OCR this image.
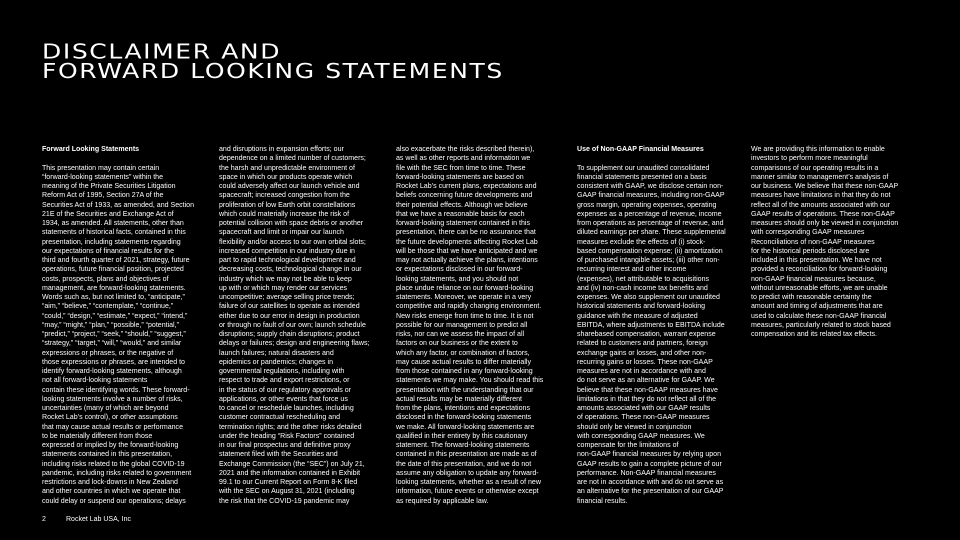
DISCLAIMER AND
FORWARD LOOKING STATEMENTS
Forward Looking Statements
This presentation may contain certain
“forward-looking statements” within the
meaning of the Private Securities Litigation
Reform Act of 1995, Section 27A of the
Securities Act of 1933, as amended, and Section
21E of the Securities and Exchange Act of
1934, as amended. All statements, other than
statements of historical facts, contained in this
presentation, including statements regarding
our expectations of financial results for the
third and fourth quarter of 2021, strategy, future
operations, future financial position, projected
costs, prospects, plans and objectives of
management, are forward-looking statements.
Words such as, but not limited to, “anticipate,”
“aim,” “believe,” “contemplate,” “continue,”
“could,” “design,” “estimate,” “expect,” “intend,”
“may,” “might,” “plan,” “possible,” “potential,”
“predict,” “project,” “seek,” “should,” “suggest,”
“strategy,” “target,” “will,” “would,” and similar
expressions or phrases, or the negative of
those expressions or phrases, are intended to
identify forward-looking statements, although
not all forward-looking statements
contain these identifying words. These forward-
looking statements involve a number of risks,
uncertainties (many of which are beyond
Rocket Lab’s control), or other assumptions
that may cause actual results or performance
to be materially different from those
expressed or implied by the forward-looking
statements contained in this presentation,
including risks related to the global COVID-19
pandemic, including risks related to government
restrictions and lock-downs in New Zealand
and other countries in which we operate that
could delay or suspend our operations; delays
and disruptions in expansion efforts; our
dependence on a limited number of customers;
the harsh and unpredictable environment of
space in which our products operate which
could adversely affect our launch vehicle and
spacecraft; increased congestion from the
proliferation of low Earth orbit constellations
which could materially increase the risk of
potential collision with space debris or another
spacecraft and limit or impair our launch
flexibility and/or access to our own orbital slots;
increased competition in our industry due in
part to rapid technological development and
decreasing costs, technological change in our
industry which we may not be able to keep
up with or which may render our services
uncompetitive; average selling price trends;
failure of our satellites to operate as intended
either due to our error in design in production
or through no fault of our own; launch schedule
disruptions; supply chain disruptions; product
delays or failures; design and engineering flaws;
launch failures; natural disasters and
epidemics or pandemics; changes in
governmental regulations, including with
respect to trade and export restrictions, or
in the status of our regulatory approvals or
applications, or other events that force us
to cancel or reschedule launches, including
customer contractual rescheduling and
termination rights; and the other risks detailed
under the heading “Risk Factors” contained
in our final prospectus and definitive proxy
statement filed with the Securities and
Exchange Commission (the “SEC”) on July 21,
2021 and the information contained in Exhibit
99.1 to our Current Report on Form 8-K filed
with the SEC on August 31, 2021 (including
the risk that the COVID-19 pandemic may
also exacerbate the risks described therein),
as well as other reports and information we
file with the SEC from time to time. These
forward-looking statements are based on
Rocket Lab’s current plans, expectations and
beliefs concerning future developments and
their potential effects. Although we believe
that we have a reasonable basis for each
forward-looking statement contained in this
presentation, there can be no assurance that
the future developments affecting Rocket Lab
will be those that we have anticipated and we
may not actually achieve the plans, intentions
or expectations disclosed in our forward-
looking statements, and you should not
place undue reliance on our forward-looking
statements. Moreover, we operate in a very
competitive and rapidly changing environment.
New risks emerge from time to time. It is not
possible for our management to predict all
risks, nor can we assess the impact of all
factors on our business or the extent to
which any factor, or combination of factors,
may cause actual results to differ materially
from those contained in any forward-looking
statements we may make. You should read this
presentation with the understanding that our
actual results may be materially different
from the plans, intentions and expectations
disclosed in the forward-looking statements
we make. All forward-looking statements are
qualified in their entirety by this cautionary
statement. The forward-looking statements
contained in this presentation are made as of
the date of this presentation, and we do not
assume any obligation to update any forward-
looking statements, whether as a result of new
information, future events or otherwise except
as required by applicable law.
Use of Non-GAAP Financial Measures
To supplement our unaudited consolidated
financial statements presented on a basis
consistent with GAAP, we disclose certain non-
GAAP financial measures, including non-GAAP
gross margin, operating expenses, operating
expenses as a percentage of revenue, income
from operations as percentage of revenue, and
diluted earnings per share. These supplemental
measures exclude the effects of (i) stock-
based compensation expense; (ii) amortization
of purchased intangible assets; (iii) other non-
recurring interest and other income
(expenses), net attributable to acquisitions
and (iv) non-cash income tax benefits and
expenses. We also supplement our unaudited
historical statements and forward-looking
guidance with the measure of adjusted
EBITDA, where adjustments to EBITDA include
sharebased compensation, warrant expense
related to customers and partners, foreign
exchange gains or losses, and other non-
recurring gains or losses. These non-GAAP
measures are not in accordance with and
do not serve as an alternative for GAAP. We
believe that these non-GAAP measures have
limitations in that they do not reflect all of the
amounts associated with our GAAP results
of operations. These non-GAAP measures
should only be viewed in conjunction
with corresponding GAAP measures. We
compensate for the limitations of
non-GAAP financial measures by relying upon
GAAP results to gain a complete picture of our
performance. Non-GAAP financial measures
are not in accordance with and do not serve as
an alternative for the presentation of our GAAP
financial results.
We are providing this information to enable
investors to perform more meaningful
comparisons of our operating results in a
manner similar to management’s analysis of
our business. We believe that these non-GAAP
measures have limitations in that they do not
reflect all of the amounts associated with our
GAAP results of operations. These non-GAAP
measures should only be viewed in conjunction
with corresponding GAAP measures
Reconciliations of non-GAAP measures
for the historical periods disclosed are
included in this presentation. We have not
provided a reconciliation for forward-looking
non-GAAP financial measures because,
without unreasonable efforts, we are unable
to predict with reasonable certainty the
amount and timing of adjustments that are
used to calculate these non-GAAP financial
measures, particularly related to stock based
compensation and its related tax effects.
2	Rocket Lab USA, Inc
